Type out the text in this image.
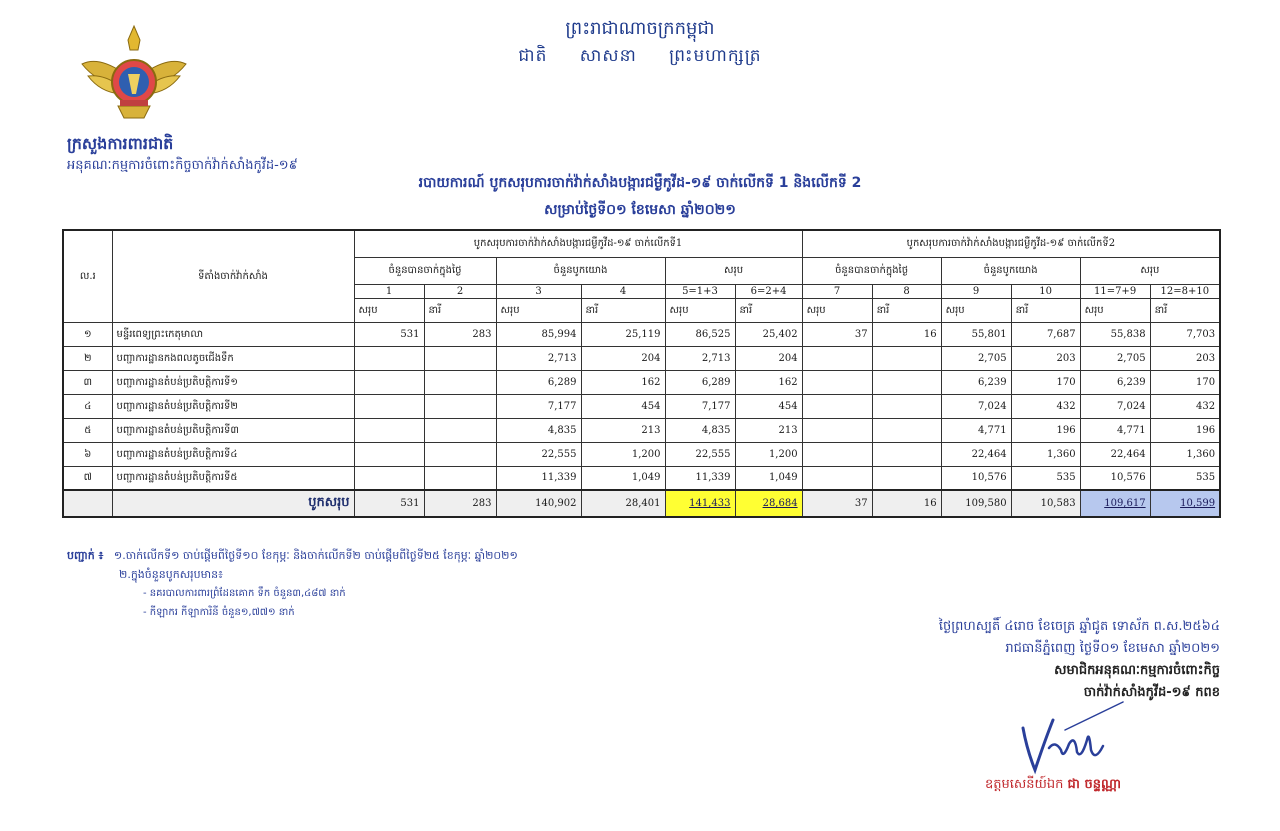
ព្រះរាជាណាចក្រកម្ពុជា
ជាតិ សាសនា ព្រះមហាក្សត្រ
ក្រសួងការពារជាតិ
អនុគណៈកម្មការចំពោះកិច្ចចាក់វ៉ាក់សាំងកូវីដ-១៩
របាយការណ៍ បូកសរុបការចាក់វ៉ាក់សាំងបង្ការជម្ងឺកូវីដ-១៩ ចាក់លើកទី 1 និងលើកទី 2
សម្រាប់ថ្ងៃទី០១ ខែមេសា ឆ្នាំ២០២១
ល.រ	ទីតាំងចាក់វ៉ាក់សាំង	បូកសរុបការចាក់វ៉ាក់សាំងបង្ការជម្ងឺកូវីដ-១៩ ចាក់លើកទី1						បូកសរុបការចាក់វ៉ាក់សាំងបង្ការជម្ងឺកូវីដ-១៩ ចាក់លើកទី2					
		ចំនួនបានចាក់ក្នុងថ្ងៃ		ចំនួនបូកយោង		សរុប		ចំនួនបានចាក់ក្នុងថ្ងៃ		ចំនួនបូកយោង		សរុប	
		1	2	3	4	5=1+3	6=2+4	7	8	9	10	11=7+9	12=8+10
		សរុប	នារី	សរុប	នារី	សរុប	នារី	សរុប	នារី	សរុប	នារី	សរុប	នារី
១	មន្ទីរពេទ្យព្រះកេតុមាលា	531	283	85,994	25,119	86,525	25,402	37	16	55,801	7,687	55,838	7,703
២	បញ្ជាការដ្ឋានកងពលតូចជើងទឹក			2,713	204	2,713	204			2,705	203	2,705	203
៣	បញ្ជាការដ្ឋានតំបន់ប្រតិបត្តិការទី១			6,289	162	6,289	162			6,239	170	6,239	170
៤	បញ្ជាការដ្ឋានតំបន់ប្រតិបត្តិការទី២			7,177	454	7,177	454			7,024	432	7,024	432
៥	បញ្ជាការដ្ឋានតំបន់ប្រតិបត្តិការទី៣			4,835	213	4,835	213			4,771	196	4,771	196
៦	បញ្ជាការដ្ឋានតំបន់ប្រតិបត្តិការទី៤			22,555	1,200	22,555	1,200			22,464	1,360	22,464	1,360
៧	បញ្ជាការដ្ឋានតំបន់ប្រតិបត្តិការទី៥			11,339	1,049	11,339	1,049			10,576	535	10,576	535
	បូកសរុប	531	283	140,902	28,401	141,433	28,684	37	16	109,580	10,583	109,617	10,599
បញ្ជាក់ ៖ ១.ចាក់លើកទី១ ចាប់ផ្តើមពីថ្ងៃទី១០ ខែកុម្ភៈ និងចាក់លើកទី២ ចាប់ផ្តើមពីថ្ងៃទី២៥ ខែកុម្ភៈ ឆ្នាំ២០២១
២.ក្នុងចំនួនបូកសរុបមាន៖
- នគរបាលការពារព្រំដែនគោក ទឹក ចំនួន៣,៤៨៧ នាក់
- កីឡាករ កីឡាការិនី ចំនួន១,៧៧១ នាក់
ថ្ងៃព្រហស្បតិ៍ ៤រោច ខែចេត្រ ឆ្នាំជូត ទោស័ក ព.ស.២៥៦៤
រាជធានីភ្នំពេញ ថ្ងៃទី០១ ខែមេសា ឆ្នាំ២០២១
សមាជិកអនុគណៈកម្មការចំពោះកិច្ច
ចាក់វ៉ាក់សាំងកូវីដ-១៩ កពខ
ឧត្តមសេនីយ៍ឯក ជា ចន្ទណ្ណា
